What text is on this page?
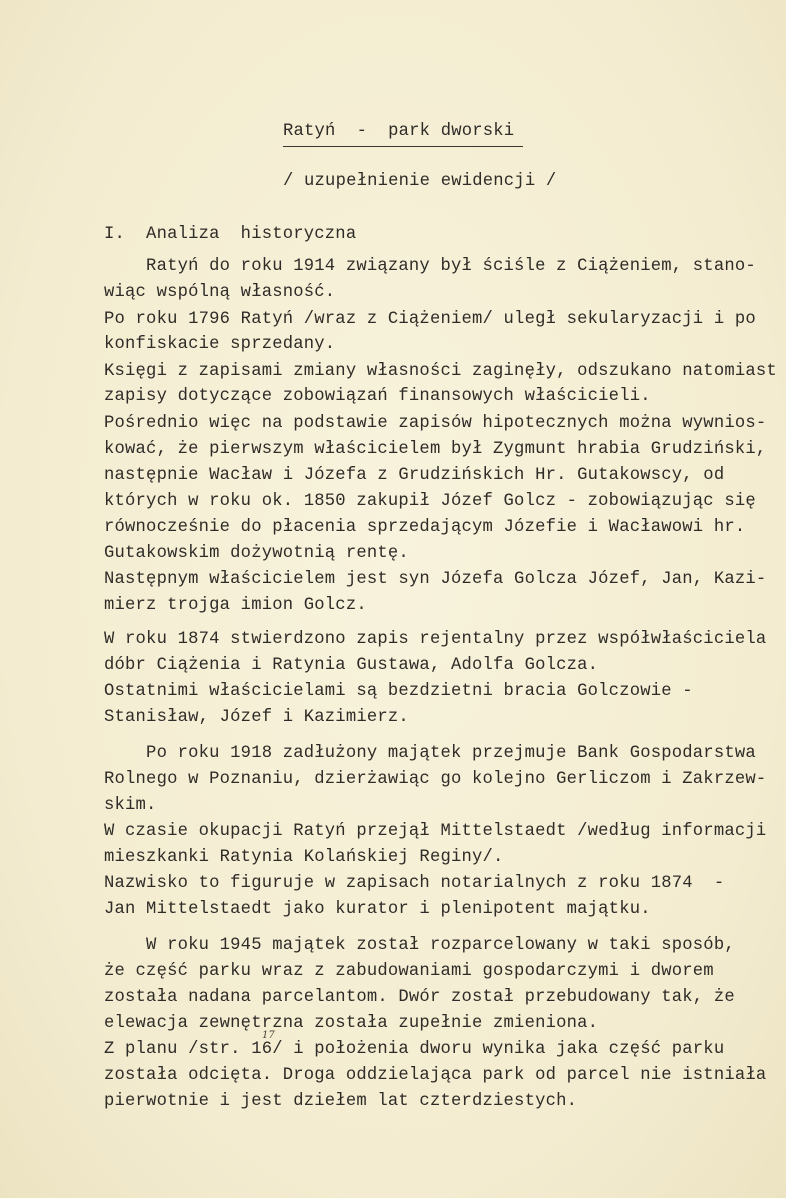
Ratyń  -  park dworski
/ uzupełnienie ewidencji /
I.  Analiza  historyczna
Ratyń do roku 1914 związany był ściśle z Ciążeniem, stano-
wiąc wspólną własność.
Po roku 1796 Ratyń /wraz z Ciążeniem/ uległ sekularyzacji i po
konfiskacie sprzedany.
Księgi z zapisami zmiany własności zaginęły, odszukano natomiast
zapisy dotyczące zobowiązań finansowych właścicieli.
Pośrednio więc na podstawie zapisów hipotecznych można wywnios-
kować, że pierwszym właścicielem był Zygmunt hrabia Grudziński,
następnie Wacław i Józefa z Grudzińskich Hr. Gutakowscy, od
których w roku ok. 1850 zakupił Józef Golcz - zobowiązując się
równocześnie do płacenia sprzedającym Józefie i Wacławowi hr.
Gutakowskim dożywotnią rentę.
Następnym właścicielem jest syn Józefa Golcza Józef, Jan, Kazi-
mierz trojga imion Golcz.
W roku 1874 stwierdzono zapis rejentalny przez współwłaściciela
dóbr Ciążenia i Ratynia Gustawa, Adolfa Golcza.
Ostatnimi właścicielami są bezdzietni bracia Golczowie -
Stanisław, Józef i Kazimierz.
Po roku 1918 zadłużony majątek przejmuje Bank Gospodarstwa
Rolnego w Poznaniu, dzierżawiąc go kolejno Gerliczom i Zakrzew-
skim.
W czasie okupacji Ratyń przejął Mittelstaedt /według informacji
mieszkanki Ratynia Kolańskiej Reginy/.
Nazwisko to figuruje w zapisach notarialnych z roku 1874  -
Jan Mittelstaedt jako kurator i plenipotent majątku.
W roku 1945 majątek został rozparcelowany w taki sposób,
że część parku wraz z zabudowaniami gospodarczymi i dworem
została nadana parcelantom. Dwór został przebudowany tak, że
elewacja zewnętrzna została zupełnie zmieniona.
Z planu /str. 16/ i położenia dworu wynika jaka część parku
została odcięta. Droga oddzielająca park od parcel nie istniała
pierwotnie i jest dziełem lat czterdziestych.
17
